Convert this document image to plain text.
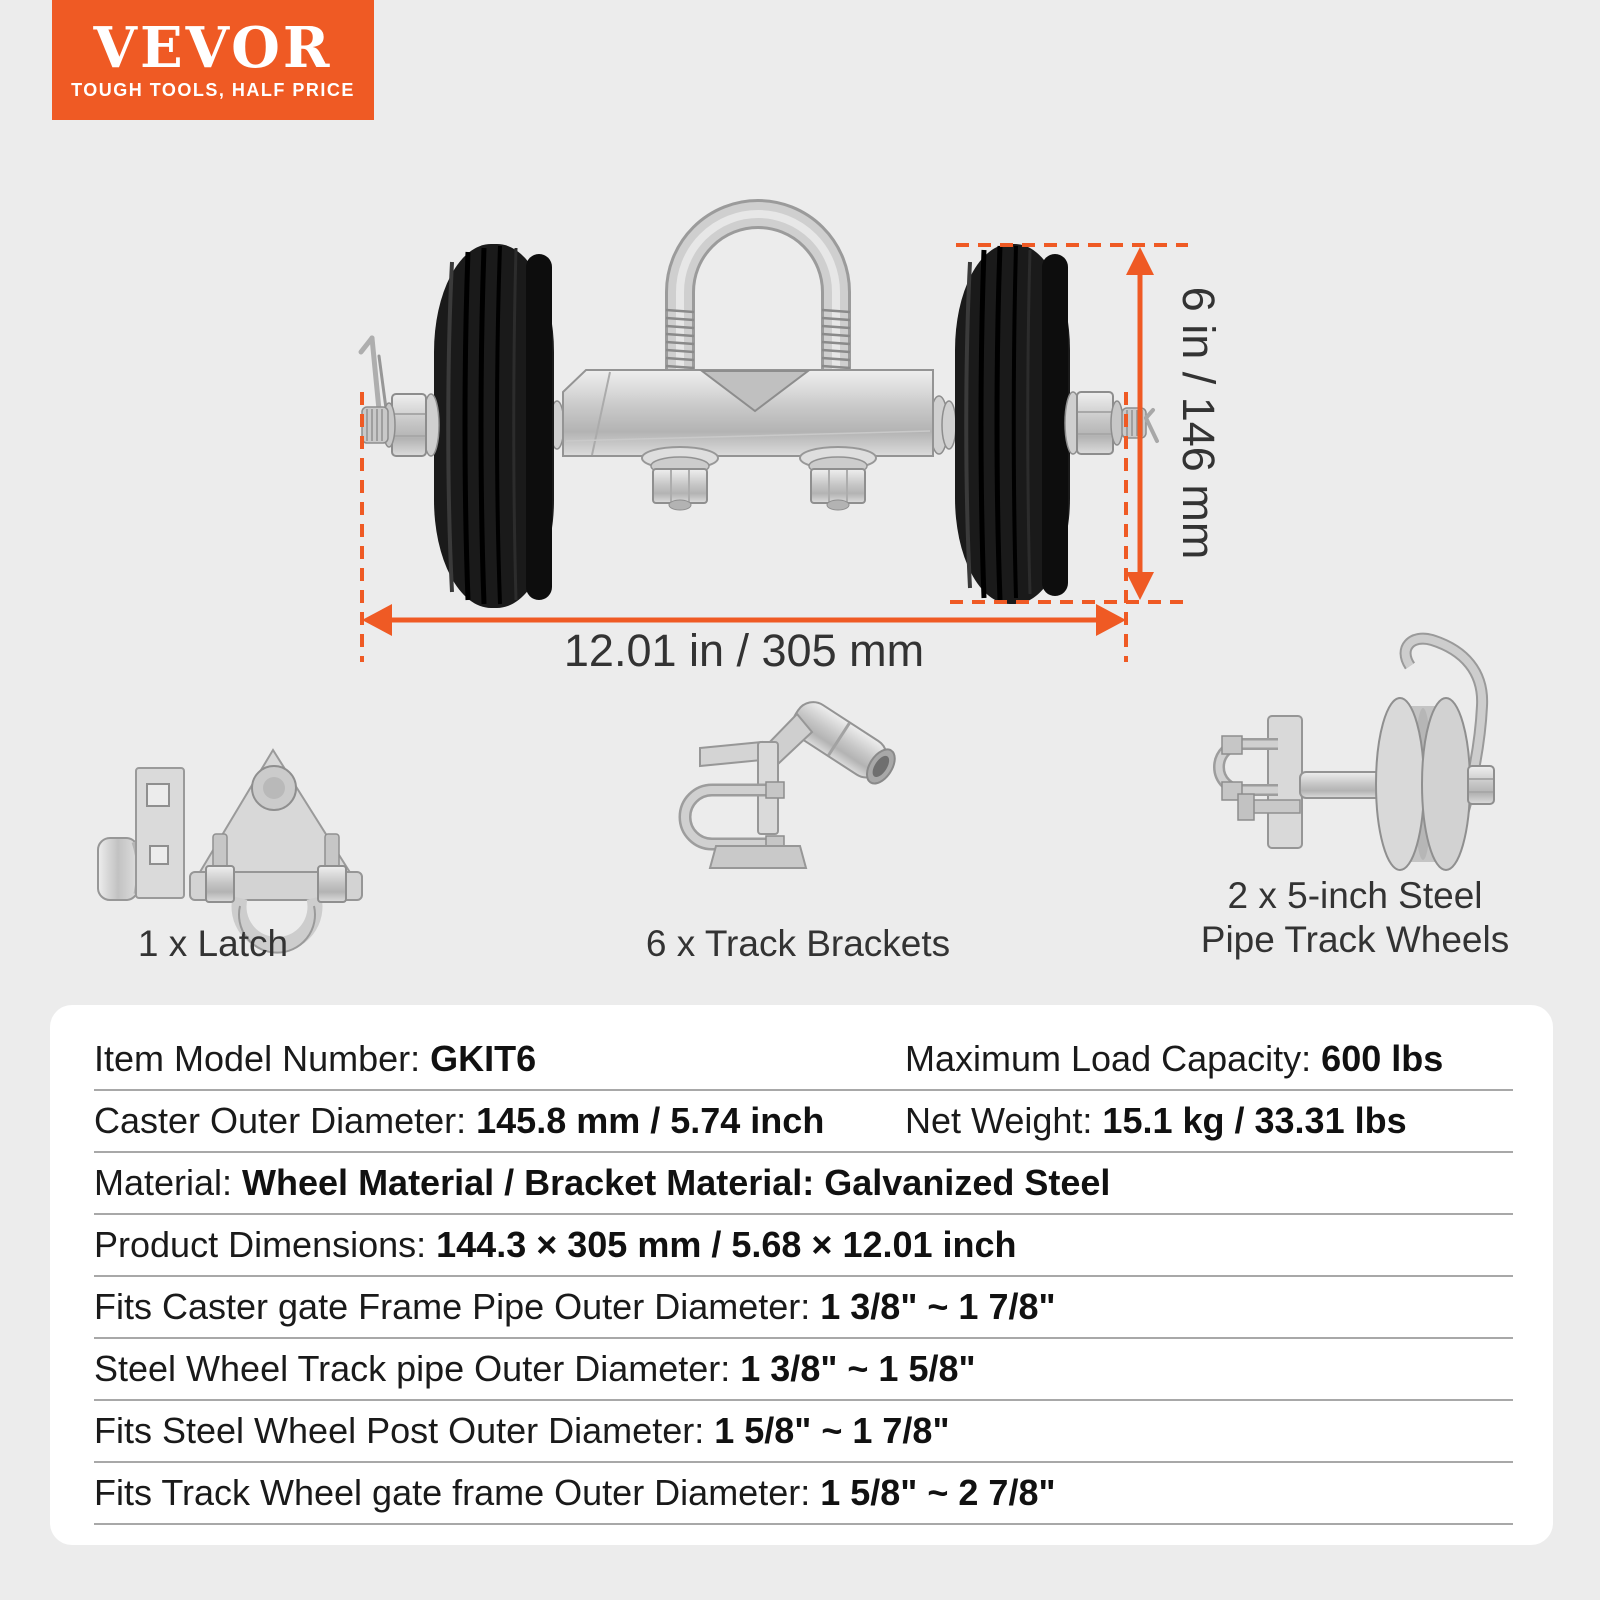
12.01 in / 305 mm
6 in / 146 mm
VEVOR
TOUGH TOOLS, HALF PRICE
1 x Latch	6 x Track Brackets
2 x 5-inch Steel
Pipe Track Wheels
Item Model Number: GKIT6	Maximum Load Capacity: 600 lbs
Caster Outer Diameter: 145.8 mm / 5.74 inch Net Weight: 15.1 kg / 33.31 lbs
Material: Wheel Material / Bracket Material: Galvanized Steel
Product Dimensions: 144.3 × 305 mm / 5.68 × 12.01 inch
Fits Caster gate Frame Pipe Outer Diameter: 1 3/8" ~ 1 7/8"
Steel Wheel Track pipe Outer Diameter: 1 3/8" ~ 1 5/8"
Fits Steel Wheel Post Outer Diameter: 1 5/8" ~ 1 7/8"
Fits Track Wheel gate frame Outer Diameter: 1 5/8" ~ 2 7/8"
